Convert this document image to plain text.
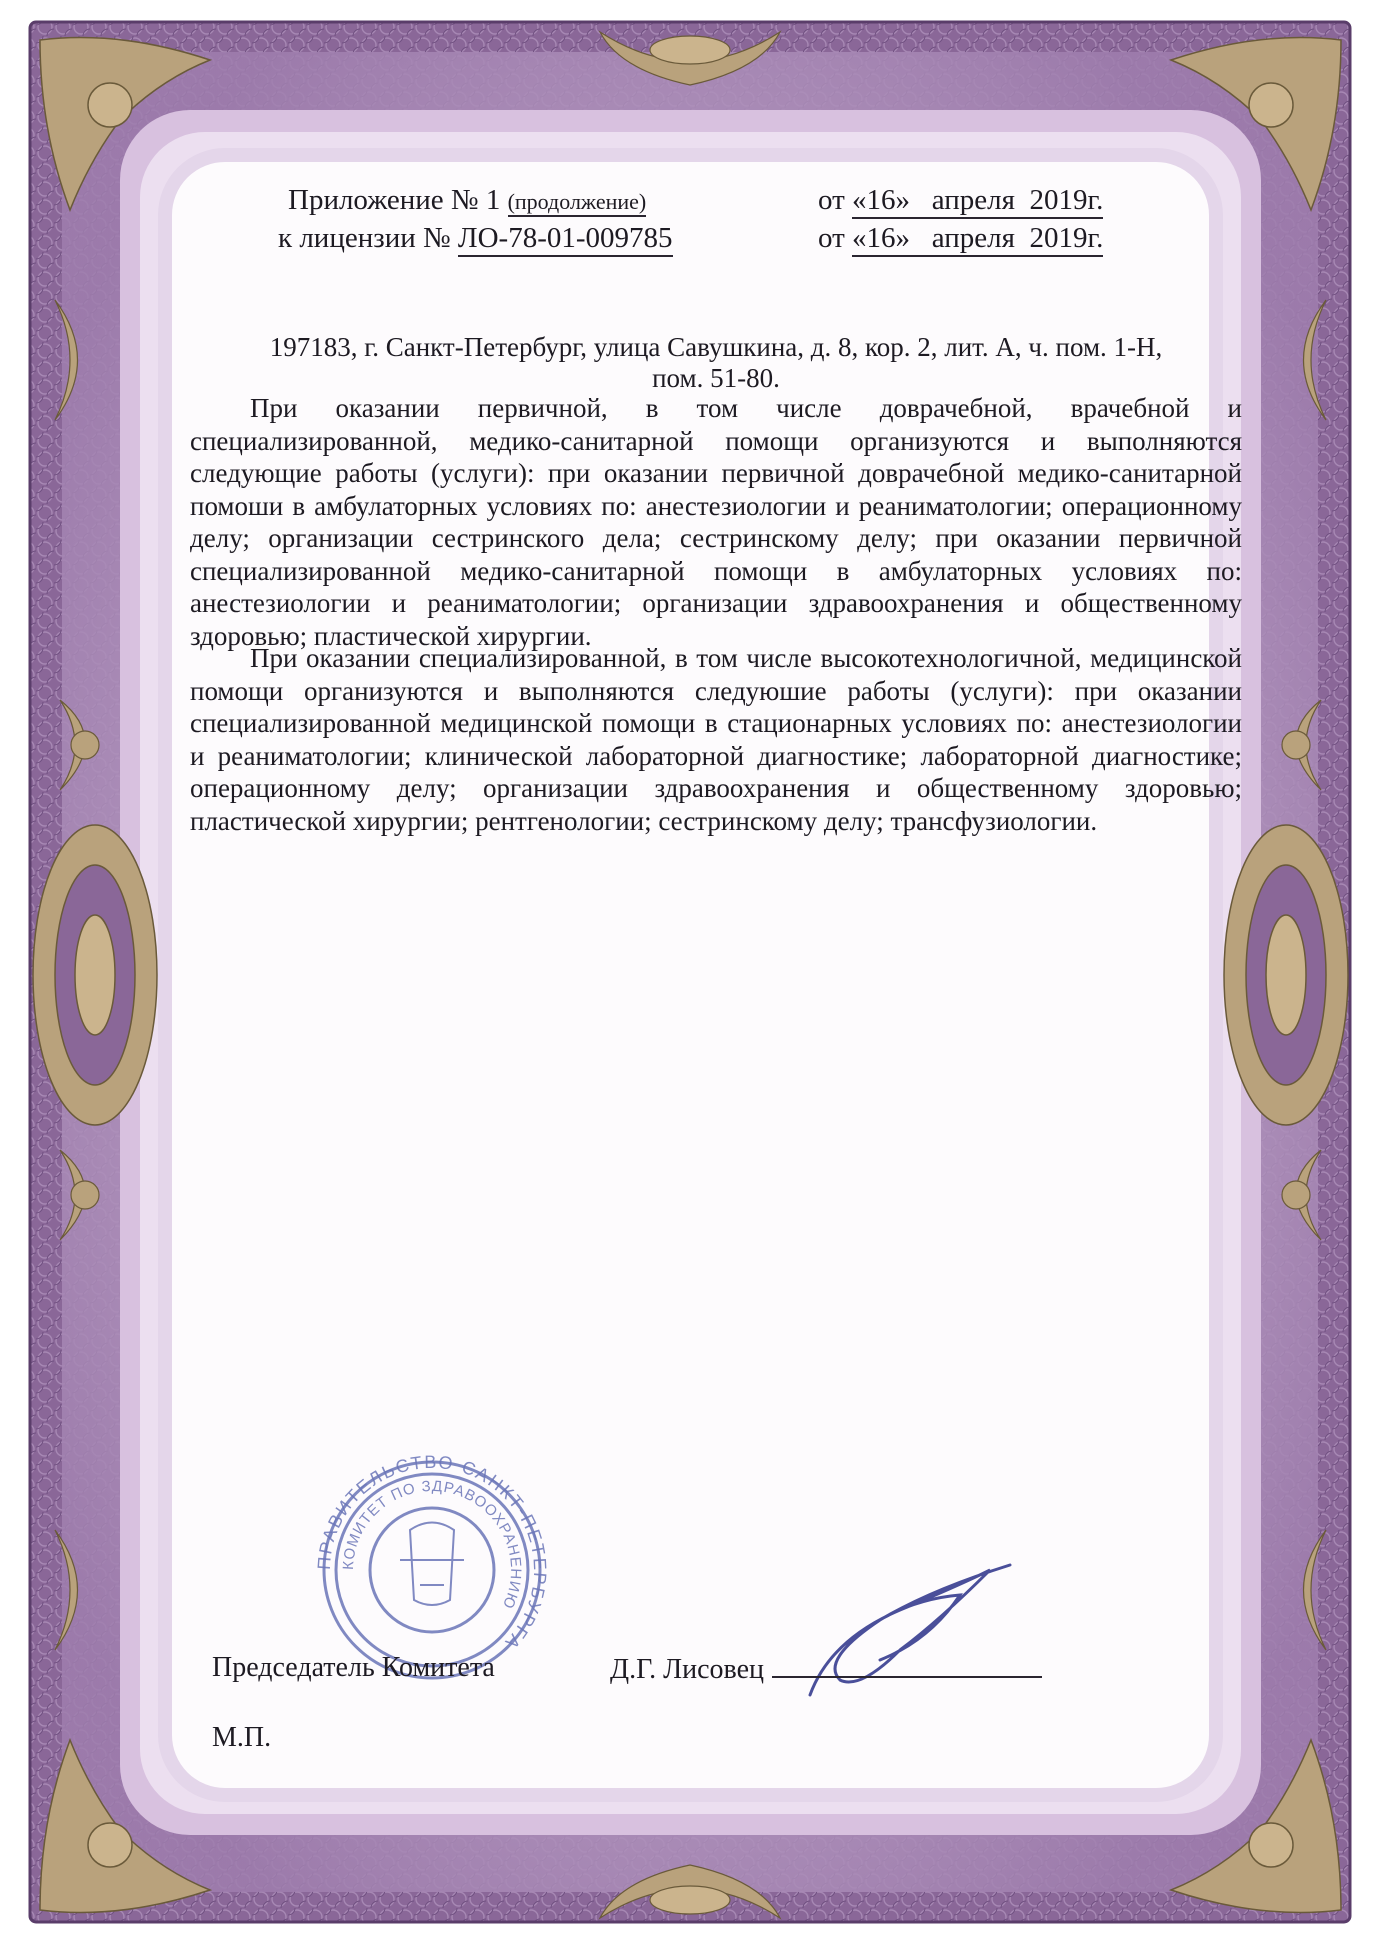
ПРАВИТЕЛЬСТВО САНКТ-ПЕТЕРБУРГА
КОМИТЕТ ПО ЗДРАВООХРАНЕНИЮ
Приложение № 1 (продолжение)	от «16»   апреля  2019г.
к лицензии № ЛО-78-01-009785	от «16»   апреля  2019г.
197183, г. Санкт-Петербург, улица Савушкина, д. 8, кор. 2, лит. А, ч. пом. 1-Н,
пом. 51-80.
При оказании первичной, в том числе доврачебной, врачебной и специализированной, медико-санитарной помощи организуются и выполняются следующие работы (услуги): при оказании первичной доврачебной медико-санитарной помоши в амбулаторных условиях по: анестезиологии и реаниматологии; операционному делу; организации сестринского дела; сестринскому делу; при оказании первичной специализированной медико-санитарной помощи в амбулаторных условиях по: анестезиологии и реаниматологии; организации здравоохранения и общественному здоровью; пластической хирургии.
При оказании специализированной, в том числе высокотехнологичной, медицинской помощи организуются и выполняются следуюшие работы (услуги): при оказании специализированной медицинской помощи в стационарных условиях по: анестезиологии и реаниматологии; клинической лабораторной диагностике; лабораторной диагностике; операционному делу; организации здравоохранения и общественному здоровью; пластической хирургии; рентгенологии; сестринскому делу; трансфузиологии.
Председатель Комитета	Д.Г. Лисовец
М.П.
